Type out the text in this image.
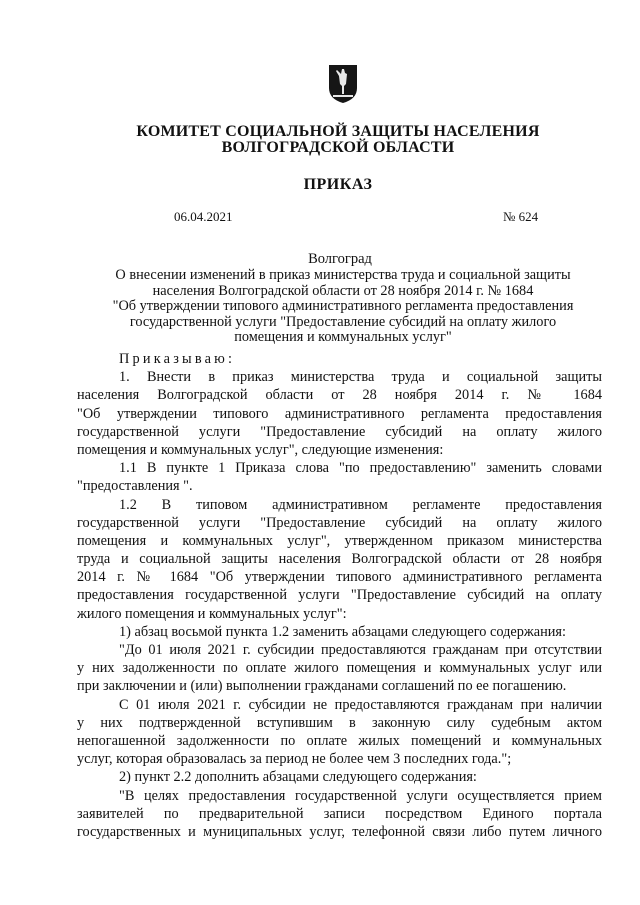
КОМИТЕТ СОЦИАЛЬНОЙ ЗАЩИТЫ НАСЕЛЕНИЯ
ВОЛГОГРАДСКОЙ ОБЛАСТИ
ПРИКАЗ
06.04.2021	№ 624
Волгоград
О внесении изменений в приказ министерства труда и социальной защиты
населения Волгоградской области от 28 ноября 2014 г. № 1684
"Об утверждении типового административного регламента предоставления
государственной услуги "Предоставление субсидий на оплату жилого
помещения и коммунальных услуг"
Приказываю:
1. Внести в приказ министерства труда и социальной защиты
населения Волгоградской области от 28 ноября 2014 г. № 1684
"Об утверждении типового административного регламента предоставления
государственной услуги "Предоставление субсидий на оплату жилого
помещения и коммунальных услуг", следующие изменения:
1.1 В пункте 1 Приказа слова "по предоставлению" заменить словами
"предоставления ".
1.2 В типовом административном регламенте предоставления
государственной услуги "Предоставление субсидий на оплату жилого
помещения и коммунальных услуг", утвержденном приказом министерства
труда и социальной защиты населения Волгоградской области от 28 ноября
2014 г. № 1684 "Об утверждении типового административного регламента
предоставления государственной услуги "Предоставление субсидий на оплату
жилого помещения и коммунальных услуг":
1) абзац восьмой пункта 1.2 заменить абзацами следующего содержания:
"До 01 июля 2021 г. субсидии предоставляются гражданам при отсутствии
у них задолженности по оплате жилого помещения и коммунальных услуг или
при заключении и (или) выполнении гражданами соглашений по ее погашению.
С 01 июля 2021 г. субсидии не предоставляются гражданам при наличии
у них подтвержденной вступившим в законную силу судебным актом
непогашенной задолженности по оплате жилых помещений и коммунальных
услуг, которая образовалась за период не более чем 3 последних года.";
2) пункт 2.2 дополнить абзацами следующего содержания:
"В целях предоставления государственной услуги осуществляется прием
заявителей по предварительной записи посредством Единого портала
государственных и муниципальных услуг, телефонной связи либо путем личного
